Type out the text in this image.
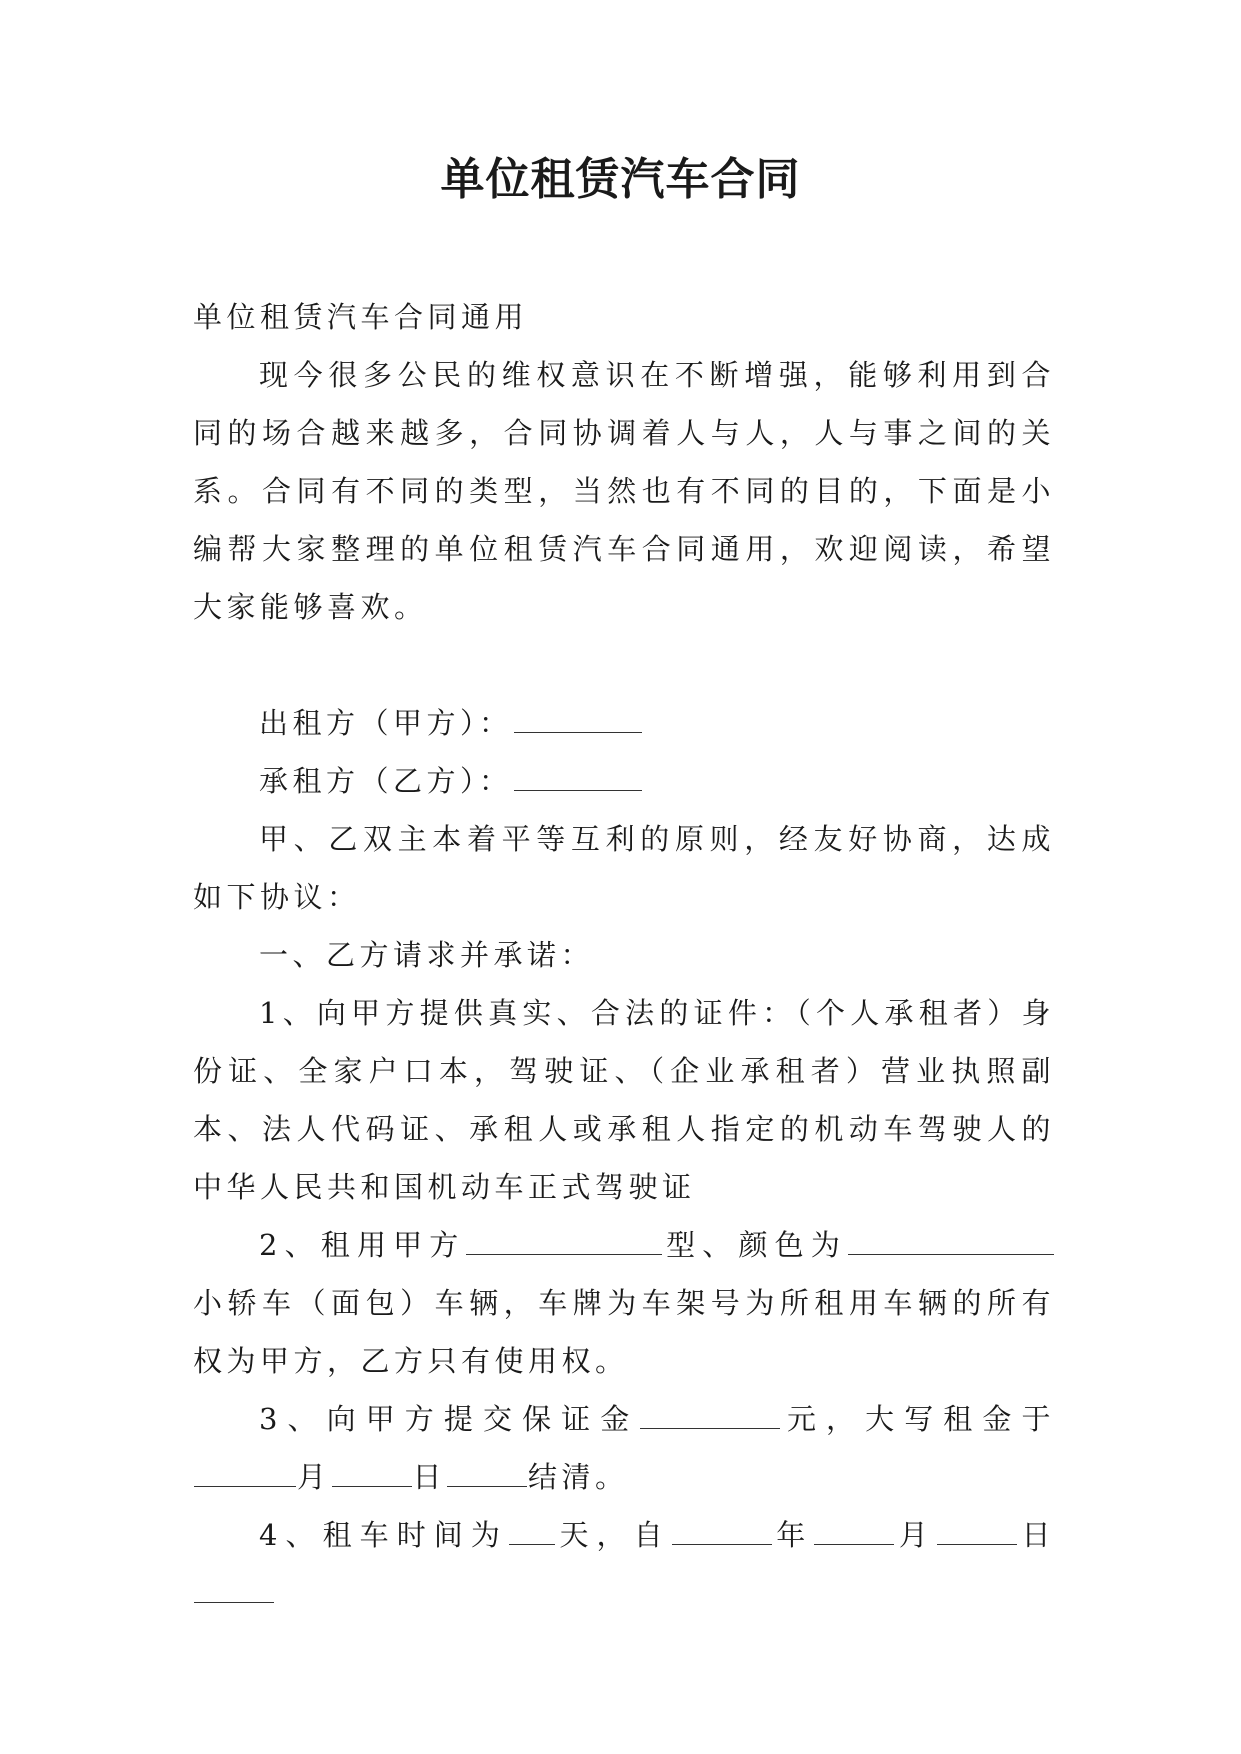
单位租赁汽车合同

单位租赁汽车合同通用

现今很多公民的维权意识在不断增强，能够利用到合同的场合越来越多，合同协调着人与人，人与事之间的关系。合同有不同的类型，当然也有不同的目的，下面是小编帮大家整理的单位租赁汽车合同通用，欢迎阅读，希望大家能够喜欢。

出租方（甲方）：

承租方（乙方）：

甲、乙双主本着平等互利的原则，经友好协商，达成如下协议：

一、乙方请求并承诺：

1、向甲方提供真实、合法的证件：（个人承租者）身份证、全家户口本，驾驶证、（企业承租者）营业执照副本、法人代码证、承租人或承租人指定的机动车驾驶人的中华人民共和国机动车正式驾驶证

2、租用甲方	型、颜色为小轿车（面包）车辆，车牌为车架号为所租用车辆的所有权为甲方，乙方只有使用权。

3、向甲方提交保证金	元，大写租金于月	日	结清。

4、租车时间为 天，自	年	月	日
